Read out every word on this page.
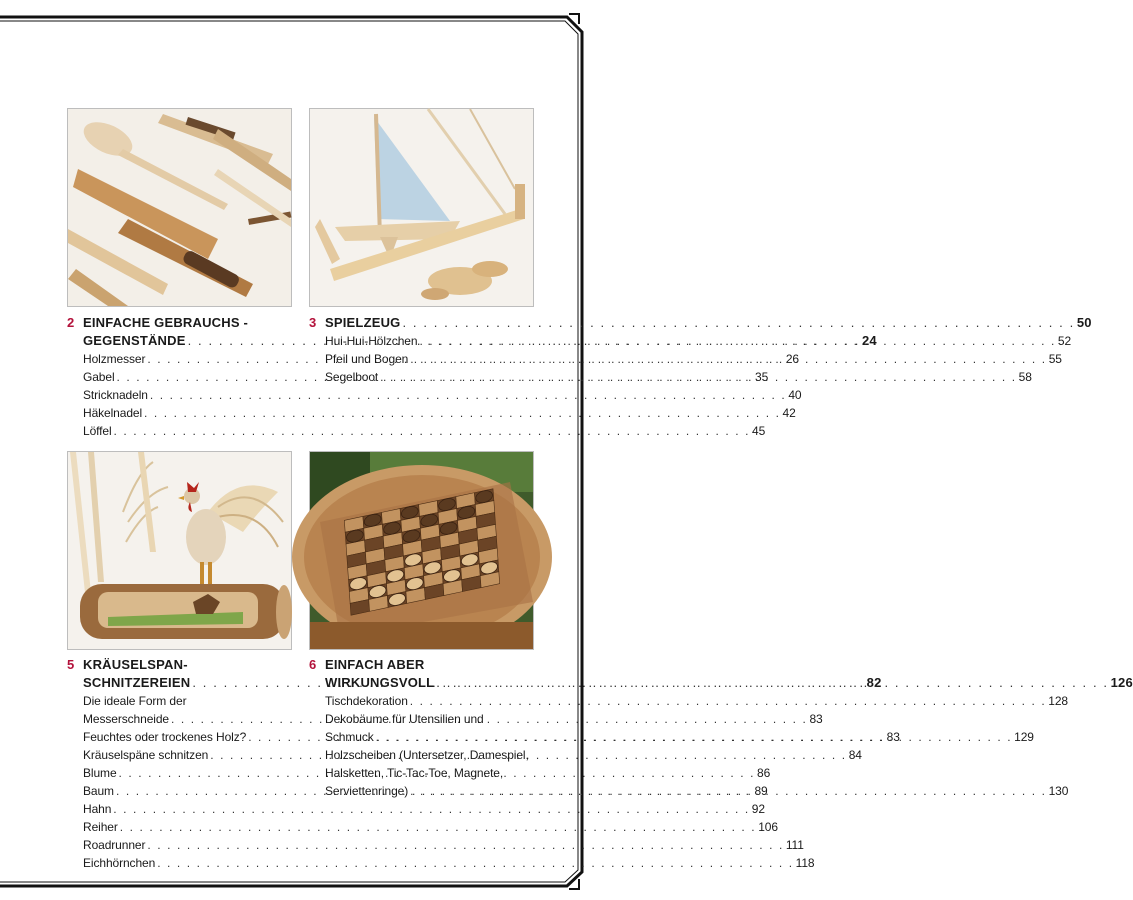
2 EINFACHE GEBRAUCHS -
GEGENSTÄNDE . . .	24
Holzmesser . . .	26
Gabel . . .	35
Stricknadeln . . .	40
Häkelnadel . . .	42
Löffel . . .	45
3 SPIELZEUG . . .	50
Hui-Hui-Hölzchen . . .	52
Pfeil und Bogen . . .	55
Segelboot . . .	58
5 KRÄUSELSPAN-
SCHNITZEREIEN . . .	82
Die ideale Form der
Messerschneide . . .	83
Feuchtes oder trockenes Holz? . . .	83
Kräuselspäne schnitzen . . .	84
Blume . . .	86
Baum . . .	89
Hahn . . .	92
Reiher . . .	106
Roadrunner . . .	111
Eichhörnchen . . .	118
6 EINFACH ABER
WIRKUNGSVOLL . . .	126
Tischdekoration . . .	128
Dekobäume für Utensilien und
Schmuck . . .	129
Holzscheiben (Untersetzer, Damespiel,
Halsketten, Tic-Tac-Toe, Magnete,
Serviettenringe) . . .	130
